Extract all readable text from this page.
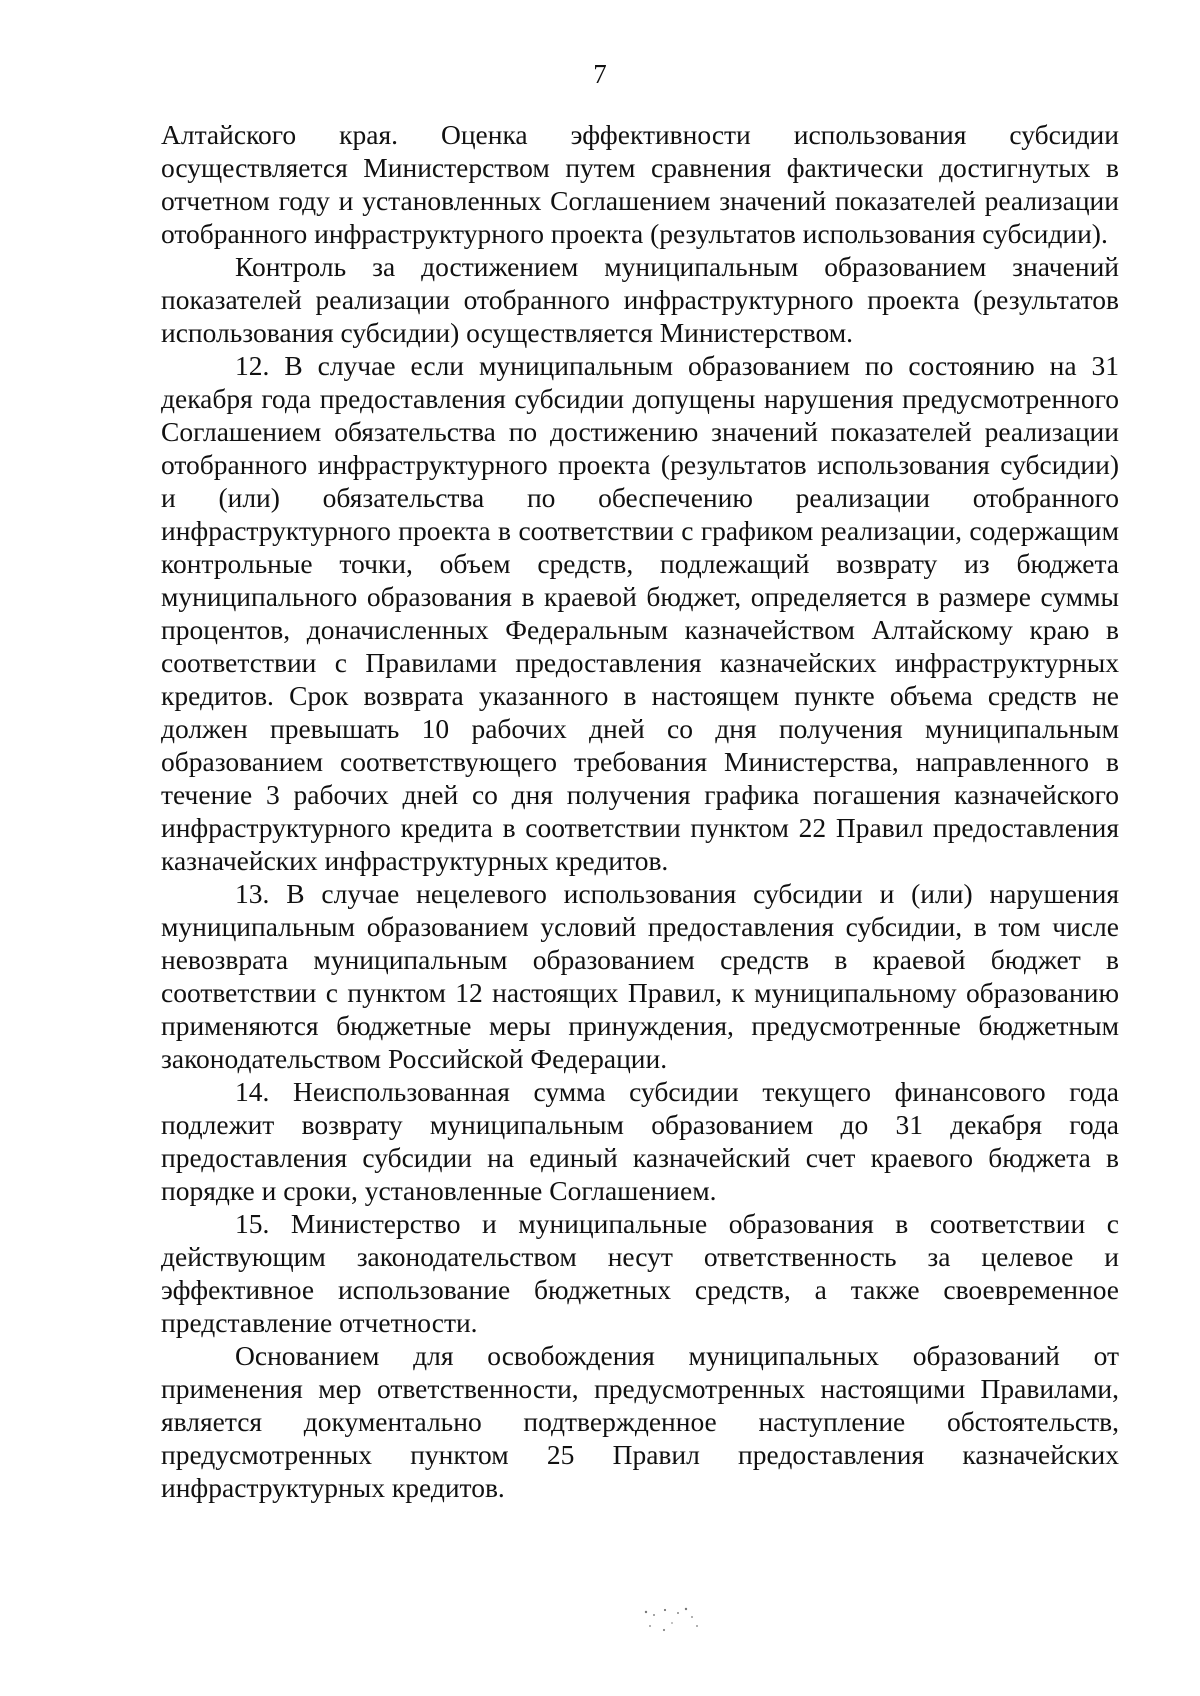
7

Алтайского края. Оценка эффективности использования субсидии осуществляется Министерством путем сравнения фактически достигнутых в отчетном году и установленных Соглашением значений показателей реализации отобранного инфраструктурного проекта (результатов использования субсидии).

Контроль за достижением муниципальным образованием значений показателей реализации отобранного инфраструктурного проекта (результатов использования субсидии) осуществляется Министерством.

12. В случае если муниципальным образованием по состоянию на 31 декабря года предоставления субсидии допущены нарушения предусмотренного Соглашением обязательства по достижению значений показателей реализации отобранного инфраструктурного проекта (результатов использования субсидии) и (или) обязательства по обеспечению реализации отобранного инфраструктурного проекта в соответствии с графиком реализации, содержащим контрольные точки, объем средств, подлежащий возврату из бюджета муниципального образования в краевой бюджет, определяется в размере суммы процентов, доначисленных Федеральным казначейством Алтайскому краю в соответствии с Правилами предоставления казначейских инфраструктурных кредитов. Срок возврата указанного в настоящем пункте объема средств не должен превышать 10 рабочих дней со дня получения муниципальным образованием соответствующего требования Министерства, направленного в течение 3 рабочих дней со дня получения графика погашения казначейского инфраструктурного кредита в соответствии пунктом 22 Правил предоставления казначейских инфраструктурных кредитов.

13. В случае нецелевого использования субсидии и (или) нарушения муниципальным образованием условий предоставления субсидии, в том числе невозврата муниципальным образованием средств в краевой бюджет в соответствии с пунктом 12 настоящих Правил, к муниципальному образованию применяются бюджетные меры принуждения, предусмотренные бюджетным законодательством Российской Федерации.

14. Неиспользованная сумма субсидии текущего финансового года подлежит возврату муниципальным образованием до 31 декабря года предоставления субсидии на единый казначейский счет краевого бюджета в порядке и сроки, установленные Соглашением.

15. Министерство и муниципальные образования в соответствии с действующим законодательством несут ответственность за целевое и эффективное использование бюджетных средств, а также своевременное представление отчетности.

Основанием для освобождения муниципальных образований от применения мер ответственности, предусмотренных настоящими Правилами, является документально подтвержденное наступление обстоятельств, предусмотренных пунктом 25 Правил предоставления казначейских инфраструктурных кредитов.
